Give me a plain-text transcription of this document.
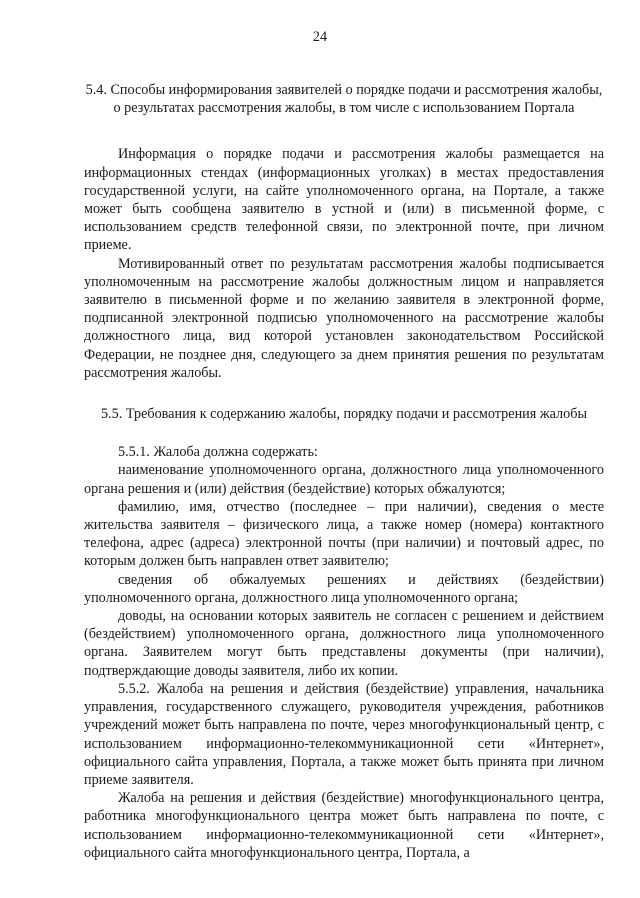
24

5.4. Способы информирования заявителей о порядке подачи и рассмотрения жалобы, о результатах рассмотрения жалобы, в том числе с использованием Портала

Информация о порядке подачи и рассмотрения жалобы размещается на информационных стендах (информационных уголках) в местах предоставления государственной услуги, на сайте уполномоченного органа, на Портале, а также может быть сообщена заявителю в устной и (или) в письменной форме, с использованием средств телефонной связи, по электронной почте, при личном приеме.

Мотивированный ответ по результатам рассмотрения жалобы подписывается уполномоченным на рассмотрение жалобы должностным лицом и направляется заявителю в письменной форме и по желанию заявителя в электронной форме, подписанной электронной подписью уполномоченного на рассмотрение жалобы должностного лица, вид которой установлен законодательством Российской Федерации, не позднее дня, следующего за днем принятия решения по результатам рассмотрения жалобы.

5.5. Требования к содержанию жалобы, порядку подачи и рассмотрения жалобы

5.5.1. Жалоба должна содержать:

наименование уполномоченного органа, должностного лица уполномоченного органа решения и (или) действия (бездействие) которых обжалуются;

фамилию, имя, отчество (последнее – при наличии), сведения о месте жительства заявителя – физического лица, а также номер (номера) контактного телефона, адрес (адреса) электронной почты (при наличии) и почтовый адрес, по которым должен быть направлен ответ заявителю;

сведения об обжалуемых решениях и действиях (бездействии) уполномоченного органа, должностного лица уполномоченного органа;

доводы, на основании которых заявитель не согласен с решением и действием (бездействием) уполномоченного органа, должностного лица уполномоченного органа. Заявителем могут быть представлены документы (при наличии), подтверждающие доводы заявителя, либо их копии.

5.5.2. Жалоба на решения и действия (бездействие) управления, начальника управления, государственного служащего, руководителя учреждения, работников учреждений может быть направлена по почте, через многофункциональный центр, с использованием информационно-телекоммуникационной сети «Интернет», официального сайта управления, Портала, а также может быть принята при личном приеме заявителя.

Жалоба на решения и действия (бездействие) многофункционального центра, работника многофункционального центра может быть направлена по почте, с использованием информационно-телекоммуникационной сети «Интернет», официального сайта многофункционального центра, Портала, а
